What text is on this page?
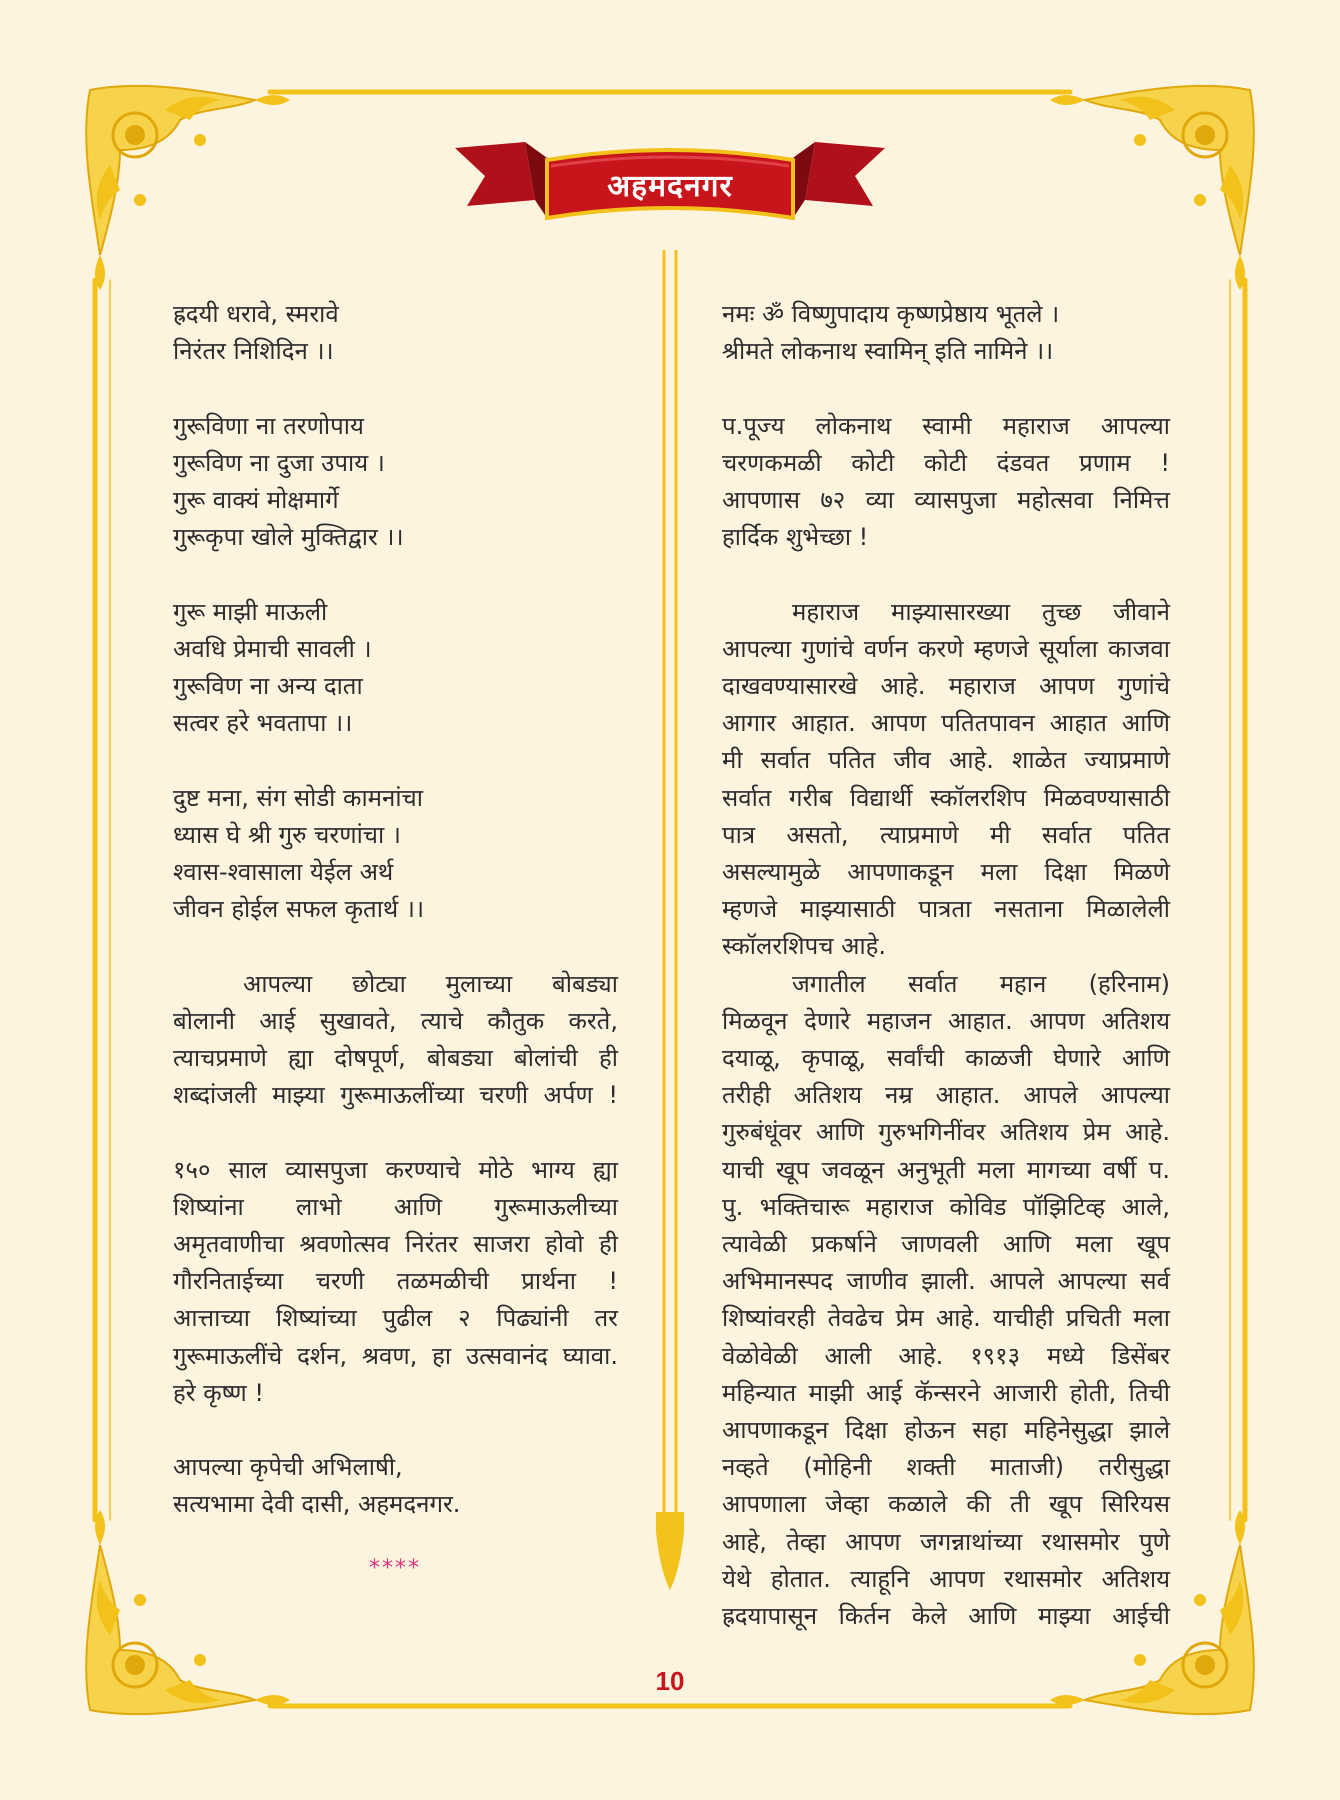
अहमदनगर
ह्रदयी धरावे, स्मरावे
निरंतर निशिदिन ।।
गुरूविणा ना तरणोपाय
गुरूविण ना दुजा उपाय ।
गुरू वाक्यं मोक्षमार्गे
गुरूकृपा खोले मुक्तिद्वार ।।
गुरू माझी माऊली
अवधि प्रेमाची सावली ।
गुरूविण ना अन्य दाता
सत्वर हरे भवतापा ।।
दुष्ट मना, संग सोडी कामनांचा
ध्यास घे श्री गुरु चरणांचा ।
श्वास-श्वासाला येईल अर्थ
जीवन होईल सफल कृतार्थ ।।
आपल्या छोट्या मुलाच्या बोबड्या
बोलानी आई सुखावते, त्याचे कौतुक करते,
त्याचप्रमाणे ह्या दोषपूर्ण, बोबड्या बोलांची ही
शब्दांजली माझ्या गुरूमाऊलींच्या चरणी अर्पण !
१५० साल व्यासपुजा करण्याचे मोठे भाग्य ह्या
शिष्यांना लाभो आणि गुरूमाऊलीच्या
अमृतवाणीचा श्रवणोत्सव निरंतर साजरा होवो ही
गौरनिताईच्या चरणी तळमळीची प्रार्थना !
आत्ताच्या शिष्यांच्या पुढील २ पिढ्यांनी तर
गुरूमाऊलींचे दर्शन, श्रवण, हा उत्सवानंद घ्यावा.
हरे कृष्ण !
आपल्या कृपेची अभिलाषी,
सत्यभामा देवी दासी, अहमदनगर.
****
नमः ॐ विष्णुपादाय कृष्णप्रेष्ठाय भूतले ।
श्रीमते लोकनाथ स्वामिन् इति नामिने ।।
प.पूज्य लोकनाथ स्वामी महाराज आपल्या
चरणकमळी कोटी कोटी दंडवत प्रणाम !
आपणास ७२ व्या व्यासपुजा महोत्सवा निमित्त
हार्दिक शुभेच्छा !
महाराज माझ्यासारख्या तुच्छ जीवाने
आपल्या गुणांचे वर्णन करणे म्हणजे सूर्याला काजवा
दाखवण्यासारखे आहे. महाराज आपण गुणांचे
आगार आहात. आपण पतितपावन आहात आणि
मी सर्वात पतित जीव आहे. शाळेत ज्याप्रमाणे
सर्वात गरीब विद्यार्थी स्कॉलरशिप मिळवण्यासाठी
पात्र असतो, त्याप्रमाणे मी सर्वात पतित
असल्यामुळे आपणाकडून मला दिक्षा मिळणे
म्हणजे माझ्यासाठी पात्रता नसताना मिळालेली
स्कॉलरशिपच आहे.
जगातील सर्वात महान (हरिनाम)
मिळवून देणारे महाजन आहात. आपण अतिशय
दयाळू, कृपाळू, सर्वांची काळजी घेणारे आणि
तरीही अतिशय नम्र आहात. आपले आपल्या
गुरुबंधूंवर आणि गुरुभगिनींवर अतिशय प्रेम आहे.
याची खूप जवळून अनुभूती मला मागच्या वर्षी प.
पु. भक्तिचारू महाराज कोविड पॉझिटिव्ह आले,
त्यावेळी प्रकर्षाने जाणवली आणि मला खूप
अभिमानस्पद जाणीव झाली. आपले आपल्या सर्व
शिष्यांवरही तेवढेच प्रेम आहे. याचीही प्रचिती मला
वेळोवेळी आली आहे. १९१३ मध्ये डिसेंबर
महिन्यात माझी आई कॅन्सरने आजारी होती, तिची
आपणाकडून दिक्षा होऊन सहा महिनेसुद्धा झाले
नव्हते (मोहिनी शक्ती माताजी) तरीसुद्धा
आपणाला जेव्हा कळाले की ती खूप सिरियस
आहे, तेव्हा आपण जगन्नाथांच्या रथासमोर पुणे
येथे होतात. त्याहूनि आपण रथासमोर अतिशय
ह्रदयापासून किर्तन केले आणि माझ्या आईची
10
